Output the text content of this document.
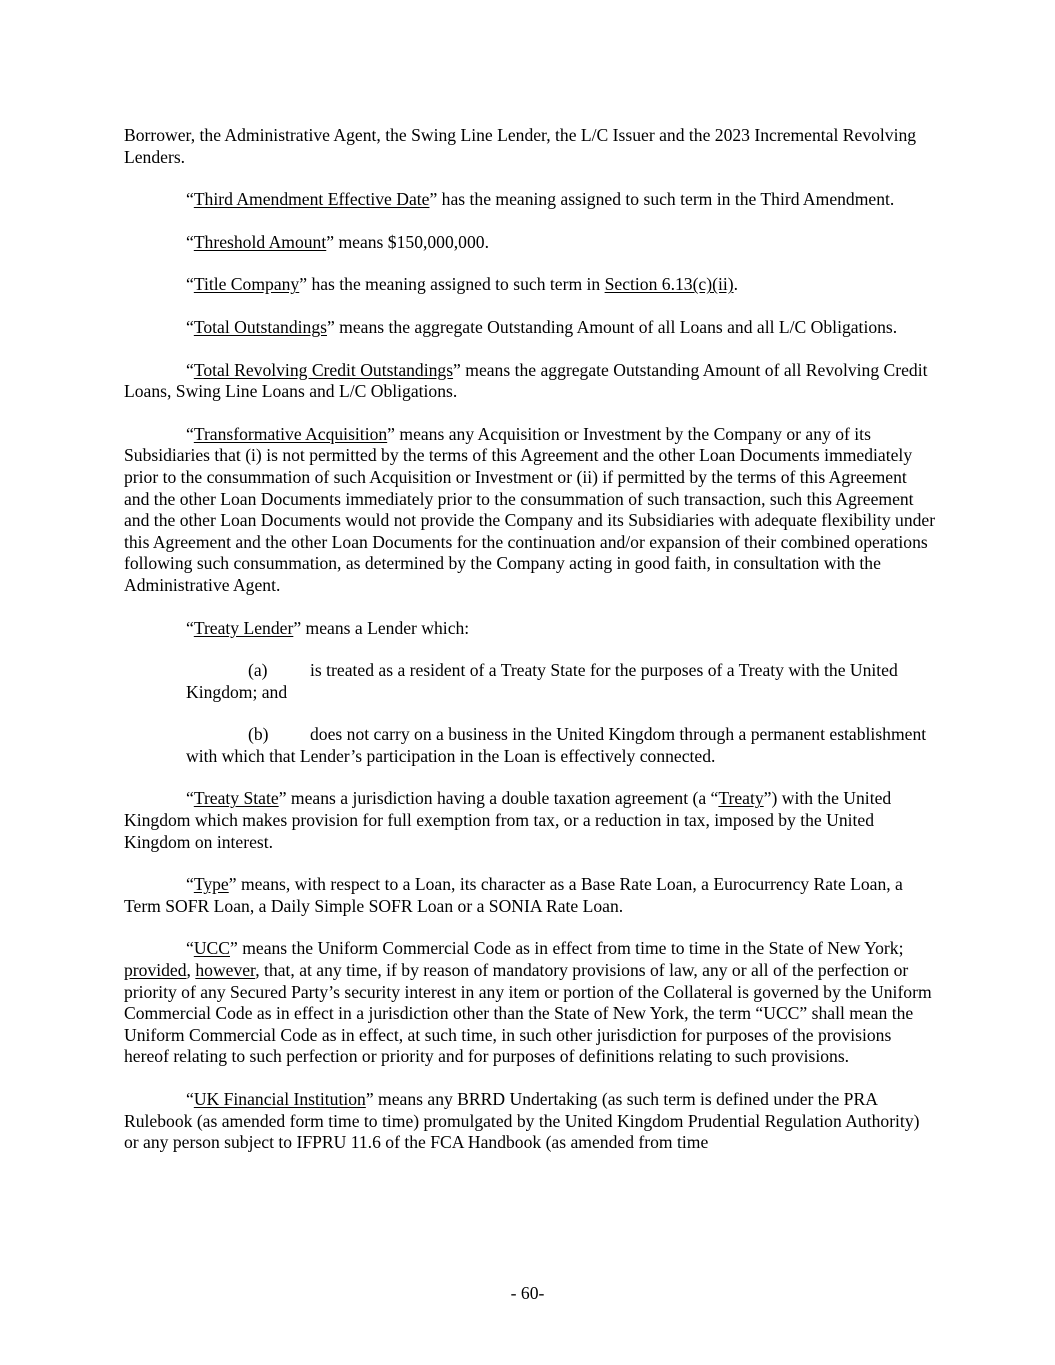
Borrower, the Administrative Agent, the Swing Line Lender, the L/C Issuer and the 2023 Incremental Revolving Lenders.

“Third Amendment Effective Date” has the meaning assigned to such term in the Third Amendment.

“Threshold Amount” means $150,000,000.

“Title Company” has the meaning assigned to such term in Section 6.13(c)(ii).

“Total Outstandings” means the aggregate Outstanding Amount of all Loans and all L/C Obligations.

“Total Revolving Credit Outstandings” means the aggregate Outstanding Amount of all Revolving Credit Loans, Swing Line Loans and L/C Obligations.

“Transformative Acquisition” means any Acquisition or Investment by the Company or any of its Subsidiaries that (i) is not permitted by the terms of this Agreement and the other Loan Documents immediately prior to the consummation of such Acquisition or Investment or (ii) if permitted by the terms of this Agreement and the other Loan Documents immediately prior to the consummation of such transaction, such this Agreement and the other Loan Documents would not provide the Company and its Subsidiaries with adequate flexibility under this Agreement and the other Loan Documents for the continuation and/or expansion of their combined operations following such consummation, as determined by the Company acting in good faith, in consultation with the Administrative Agent.

“Treaty Lender” means a Lender which:

(a) is treated as a resident of a Treaty State for the purposes of a Treaty with the United Kingdom; and

(b) does not carry on a business in the United Kingdom through a permanent establishment with which that Lender’s participation in the Loan is effectively connected.

“Treaty State” means a jurisdiction having a double taxation agreement (a “Treaty”) with the United Kingdom which makes provision for full exemption from tax, or a reduction in tax, imposed by the United Kingdom on interest.

“Type” means, with respect to a Loan, its character as a Base Rate Loan, a Eurocurrency Rate Loan, a Term SOFR Loan, a Daily Simple SOFR Loan or a SONIA Rate Loan.

“UCC” means the Uniform Commercial Code as in effect from time to time in the State of New York; provided, however, that, at any time, if by reason of mandatory provisions of law, any or all of the perfection or priority of any Secured Party’s security interest in any item or portion of the Collateral is governed by the Uniform Commercial Code as in effect in a jurisdiction other than the State of New York, the term “UCC” shall mean the Uniform Commercial Code as in effect, at such time, in such other jurisdiction for purposes of the provisions hereof relating to such perfection or priority and for purposes of definitions relating to such provisions.

“UK Financial Institution” means any BRRD Undertaking (as such term is defined under the PRA Rulebook (as amended form time to time) promulgated by the United Kingdom Prudential Regulation Authority) or any person subject to IFPRU 11.6 of the FCA Handbook (as amended from time

- 60-
